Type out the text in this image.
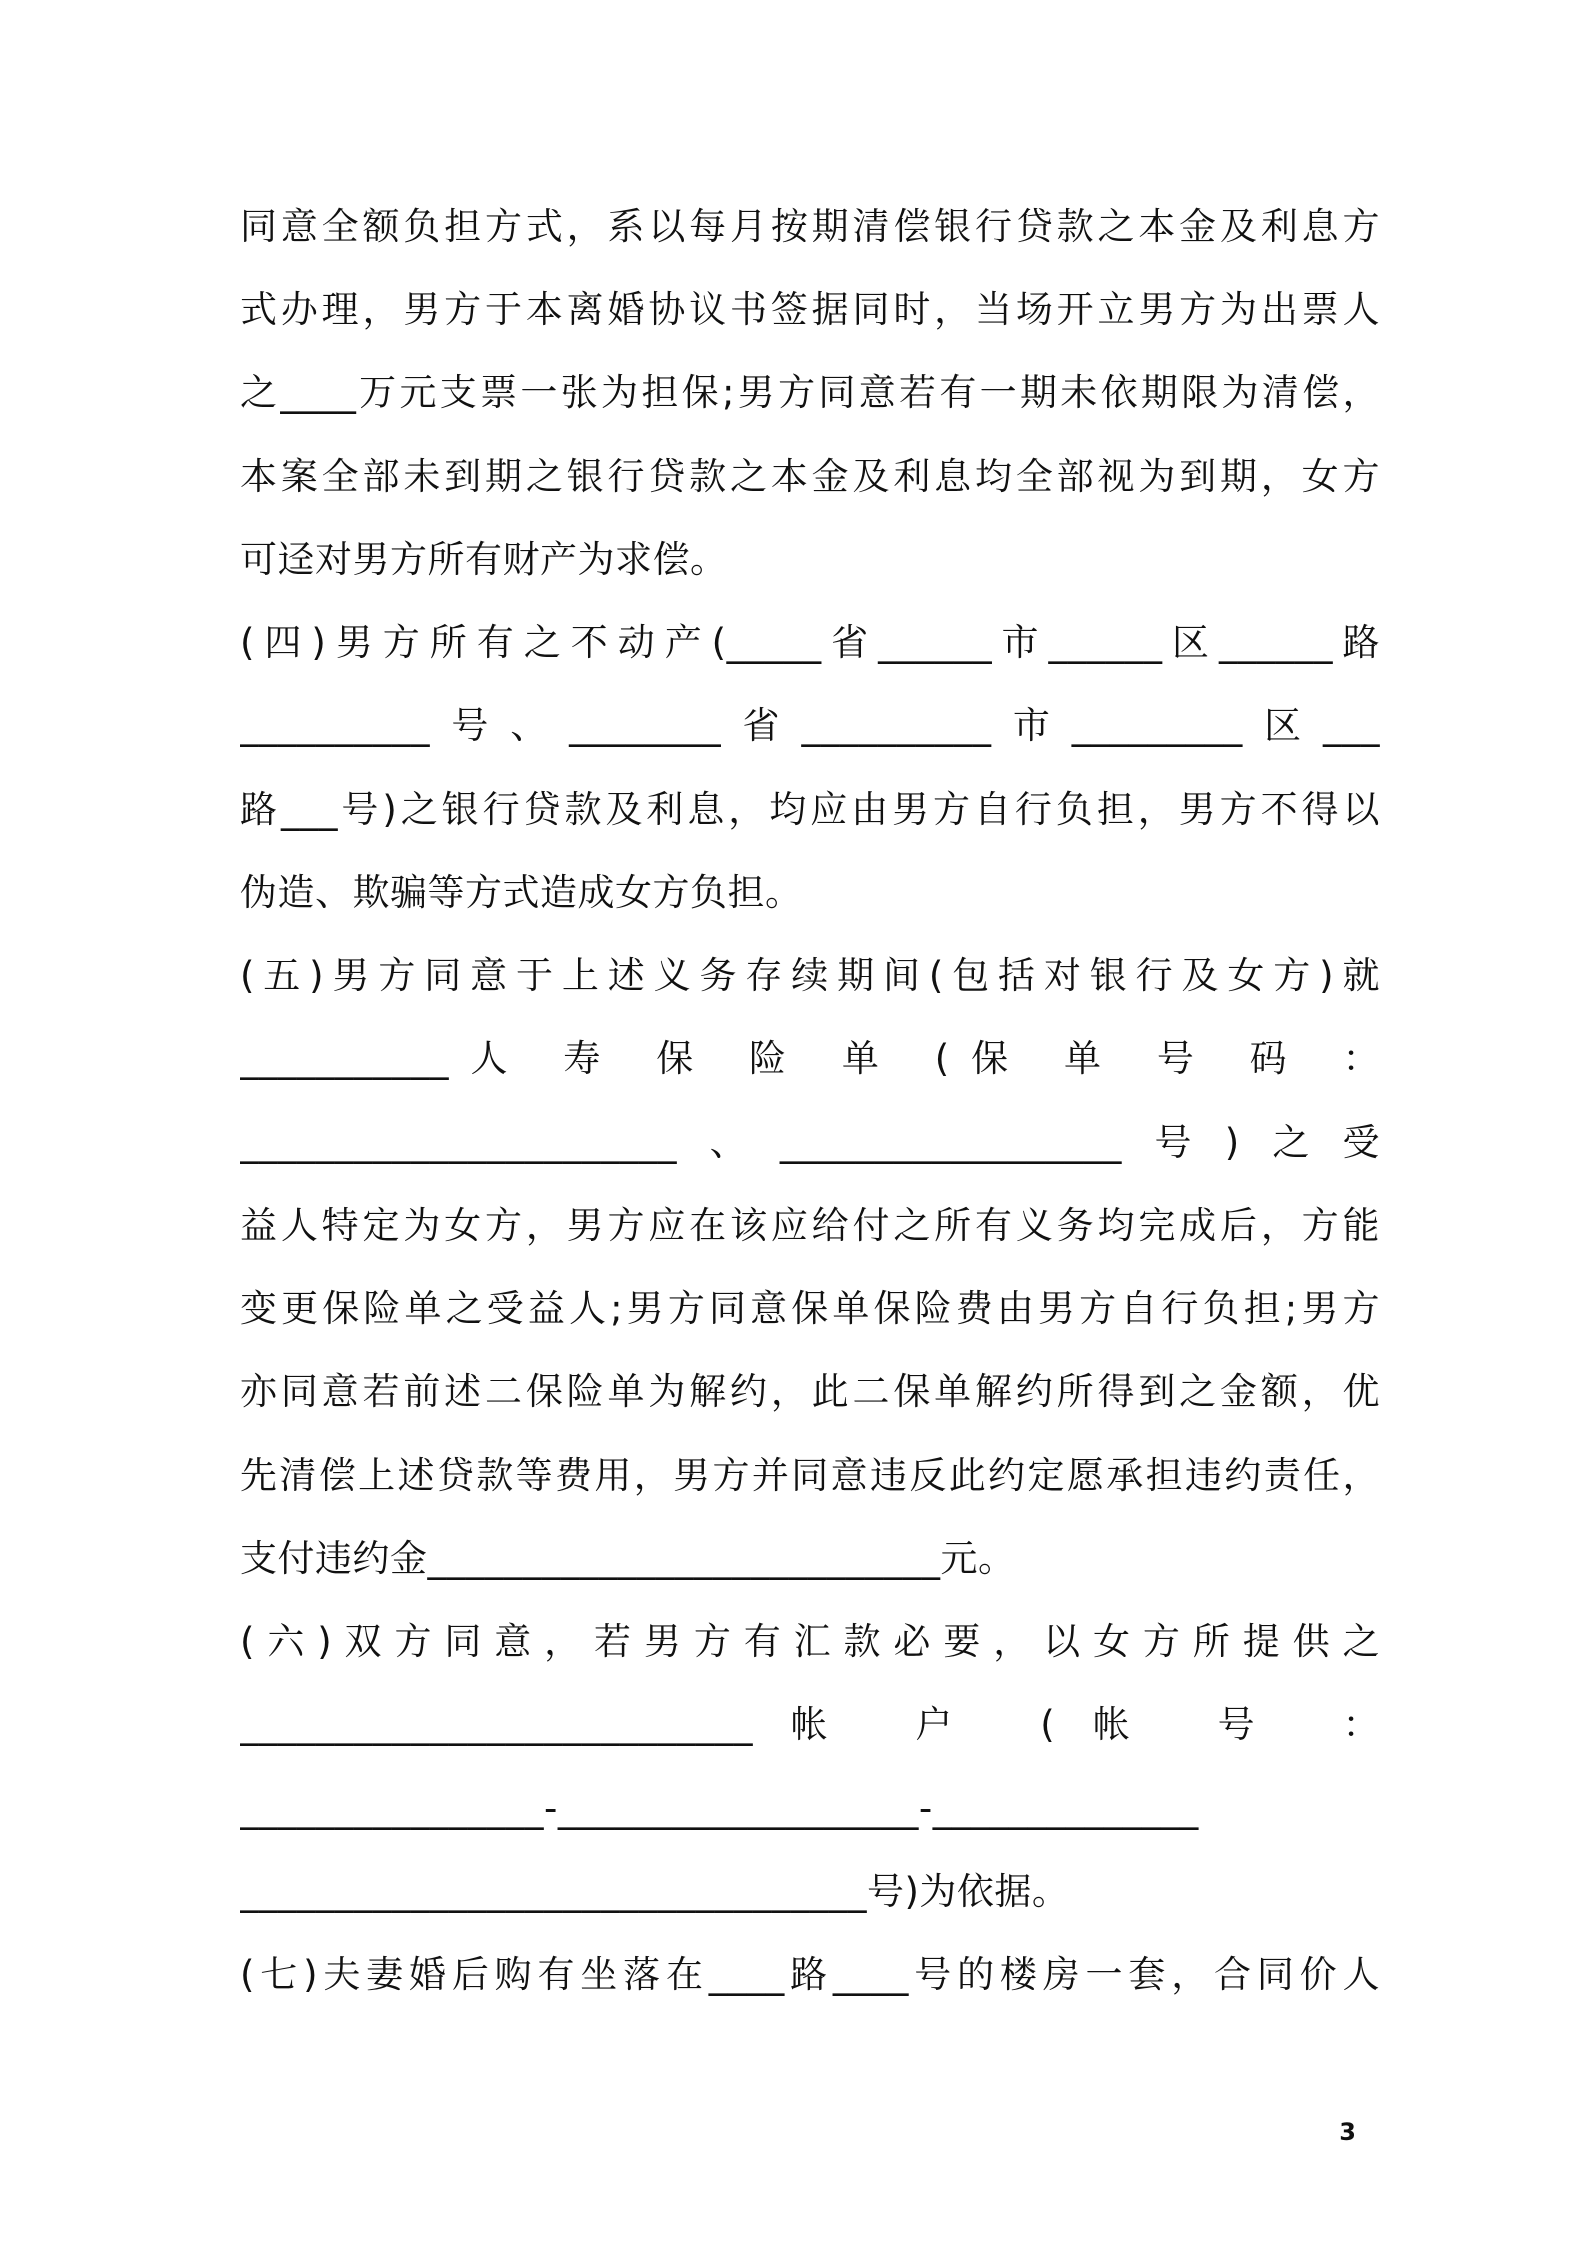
同意全额负担方式，系以每月按期清偿银行贷款之本金及利息方
式办理，男方于本离婚协议书签据同时，当场开立男方为出票人
之____万元支票一张为担保;男方同意若有一期未依期限为清偿，
本案全部未到期之银行贷款之本金及利息均全部视为到期，女方
可迳对男方所有财产为求偿。
(四)男方所有之不动产(_____省______市______区______路
__________号、________省__________市_________区___
路___号)之银行贷款及利息，均应由男方自行负担，男方不得以
伪造、欺骗等方式造成女方负担。
(五)男方同意于上述义务存续期间(包括对银行及女方)就
___________人 寿 保 险 单 (保 单 号 码 ：
_______________________、__________________号)之受
益人特定为女方，男方应在该应给付之所有义务均完成后，方能
变更保险单之受益人;男方同意保单保险费由男方自行负担;男方
亦同意若前述二保险单为解约，此二保单解约所得到之金额，优
先清偿上述贷款等费用，男方并同意违反此约定愿承担违约责任，
支付违约金___________________________元。
(六)双方同意，若男方有汇款必要，以女方所提供之
___________________________帐 户 (帐 号 ：
________________-___________________-______________
_________________________________号)为依据。
(七)夫妻婚后购有坐落在____路____号的楼房一套，合同价人
3
